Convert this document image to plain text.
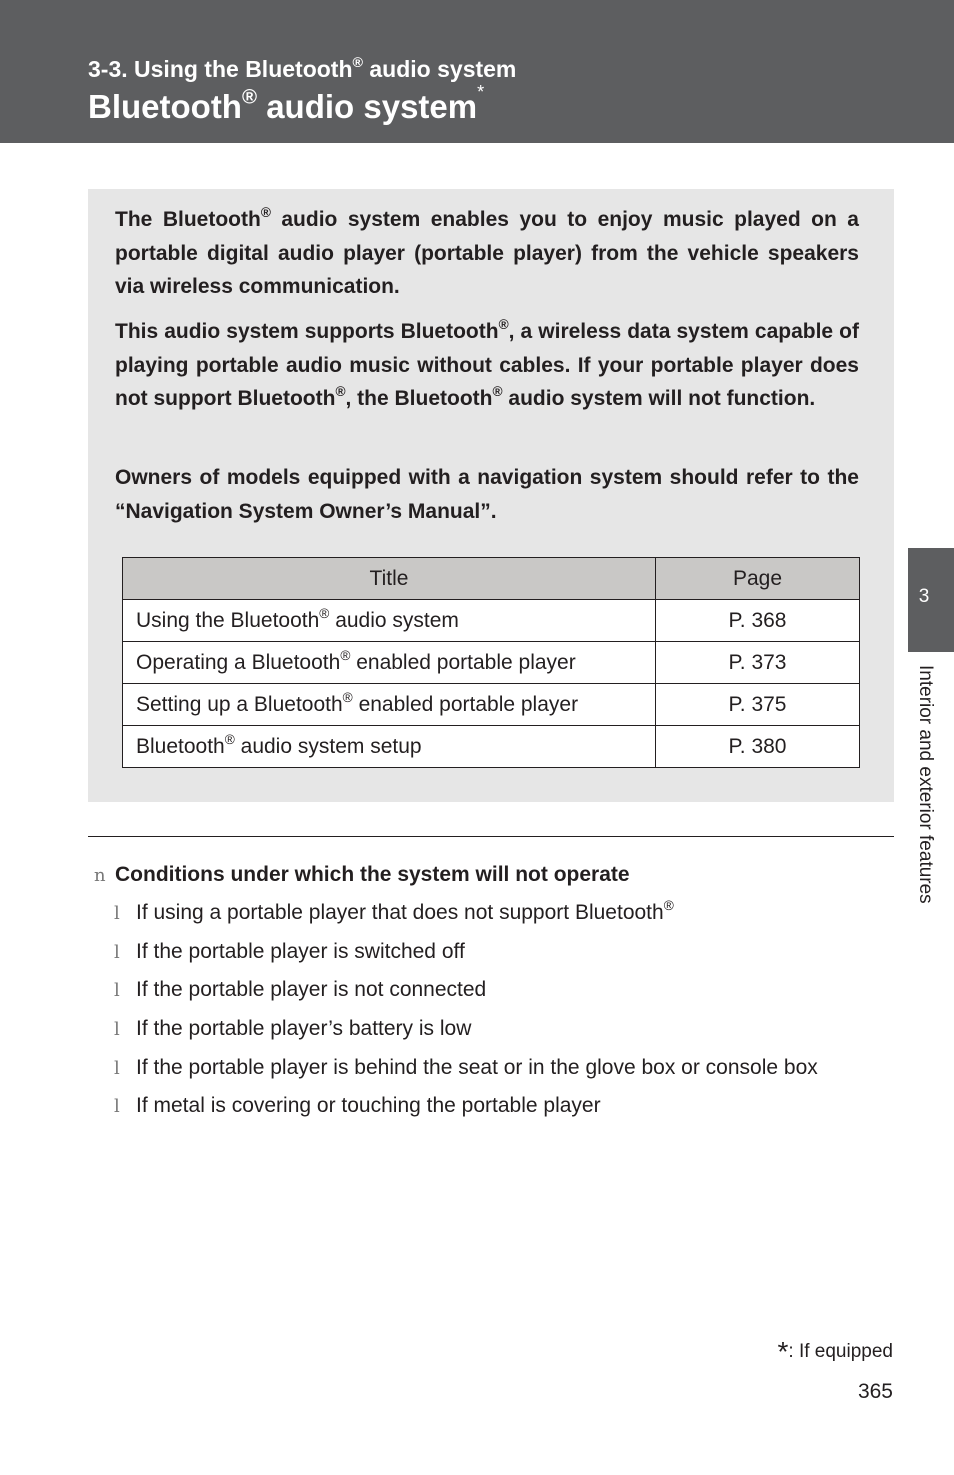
3-3. Using the Bluetooth® audio system
Bluetooth® audio system*

The Bluetooth® audio system enables you to enjoy music played on a portable digital audio player (portable player) from the vehicle speakers via wireless communication.

This audio system supports Bluetooth®, a wireless data system capable of playing portable audio music without cables. If your portable player does not support Bluetooth®, the Bluetooth® audio system will not function.

Owners of models equipped with a navigation system should refer to the “Navigation System Owner’s Manual”.

Title	Page
Using the Bluetooth® audio system	P. 368
Operating a Bluetooth® enabled portable player	P. 373
Setting up a Bluetooth® enabled portable player	P. 375
Bluetooth® audio system setup	P. 380
n Conditions under which the system will not operate
l If using a portable player that does not support Bluetooth®
l If the portable player is switched off
l If the portable player is not connected
l If the portable player’s battery is low
l If the portable player is behind the seat or in the glove box or console box
l If metal is covering or touching the portable player
3
Interior and exterior features
*: If equipped
365
